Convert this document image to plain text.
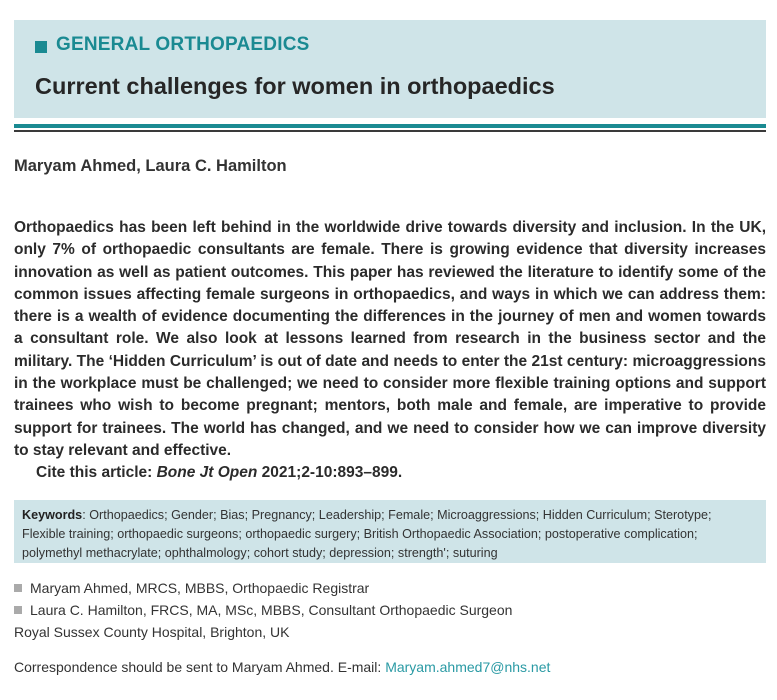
GENERAL ORTHOPAEDICS
Current challenges for women in orthopaedics
Maryam Ahmed, Laura C. Hamilton

Orthopaedics has been left behind in the worldwide drive towards diversity and inclusion. In the UK, only 7% of orthopaedic consultants are female. There is growing evidence that diversity increases innovation as well as patient outcomes. This paper has reviewed the literature to identify some of the common issues affecting female surgeons in orthopaedics, and ways in which we can address them: there is a wealth of evidence documenting the differences in the journey of men and women towards a consultant role. We also look at lessons learned from research in the business sector and the military. The ‘Hidden Curriculum’ is out of date and needs to enter the 21st century: microaggressions in the workplace must be challenged; we need to consider more flexible training options and support trainees who wish to become pregnant; mentors, both male and female, are imperative to provide support for trainees. The world has changed, and we need to consider how we can improve diversity to stay relevant and effective.

Cite this article: Bone Jt Open 2021;2-10:893–899.
Keywords: Orthopaedics; Gender; Bias; Pregnancy; Leadership; Female; Microaggressions; Hidden Curriculum; Sterotype; Flexible training; orthopaedic surgeons; orthopaedic surgery; British Orthopaedic Association; postoperative complication; polymethyl methacrylate; ophthalmology; cohort study; depression; strength'; suturing
Maryam Ahmed, MRCS, MBBS, Orthopaedic Registrar
Laura C. Hamilton, FRCS, MA, MSc, MBBS, Consultant Orthopaedic Surgeon
Royal Sussex County Hospital, Brighton, UK
Correspondence should be sent to Maryam Ahmed. E-mail: Maryam.ahmed7@nhs.net
